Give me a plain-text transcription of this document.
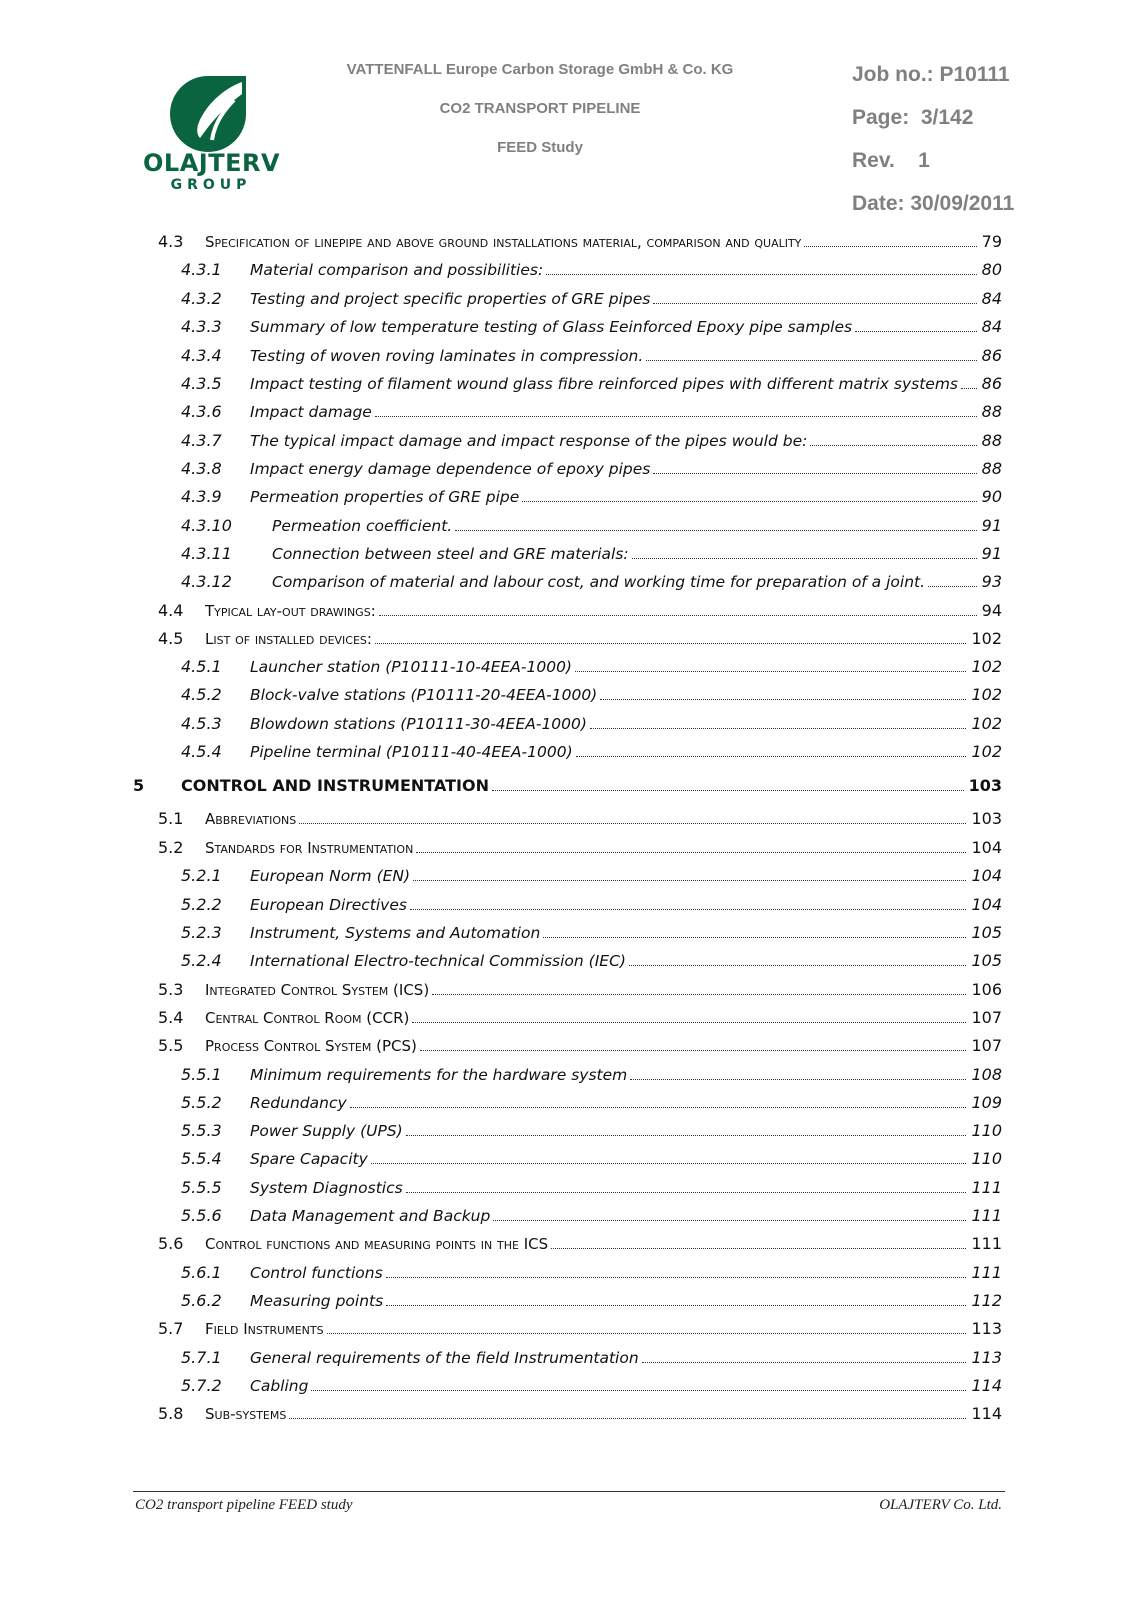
OLAJTERV
GROUP
VATTENFALL Europe Carbon Storage GmbH & Co. KG
CO2 TRANSPORT PIPELINE
FEED Study
Job no.: P10111
Page:  3/142
Rev.    1
Date: 30/09/2011
4.3 Specification of linepipe and above ground installations material, comparison and quality	79
4.3.1 Material comparison and possibilities:	80
4.3.2 Testing and project specific properties of GRE pipes	84
4.3.3 Summary of low temperature testing of Glass Eeinforced Epoxy pipe samples	84
4.3.4 Testing of woven roving laminates in compression.	86
4.3.5 Impact testing of filament wound glass fibre reinforced pipes with different matrix systems 86
4.3.6 Impact damage	88
4.3.7 The typical impact damage and impact response of the pipes would be:	88
4.3.8 Impact energy damage dependence of epoxy pipes	88
4.3.9 Permeation properties of GRE pipe	90
4.3.10	Permeation coefficient.	91
4.3.11	Connection between steel and GRE materials:	91
4.3.12	Comparison of material and labour cost, and working time for preparation of a joint.	93
4.4 Typical lay-out drawings:	94
4.5 List of installed devices:	102
4.5.1 Launcher station (P10111-10-4EEA-1000)	102
4.5.2 Block-valve stations (P10111-20-4EEA-1000)	102
4.5.3 Blowdown stations (P10111-30-4EEA-1000)	102
4.5.4 Pipeline terminal (P10111-40-4EEA-1000)	102
5 CONTROL AND INSTRUMENTATION	103
5.1 Abbreviations	103
5.2 Standards for Instrumentation	104
5.2.1 European Norm (EN)	104
5.2.2 European Directives	104
5.2.3 Instrument, Systems and Automation	105
5.2.4 International Electro-technical Commission (IEC)	105
5.3 Integrated Control System (ICS)	106
5.4 Central Control Room (CCR)	107
5.5 Process Control System (PCS)	107
5.5.1 Minimum requirements for the hardware system	108
5.5.2 Redundancy	109
5.5.3 Power Supply (UPS)	110
5.5.4 Spare Capacity	110
5.5.5 System Diagnostics	111
5.5.6 Data Management and Backup	111
5.6 Control functions and measuring points in the ICS	111
5.6.1 Control functions	111
5.6.2 Measuring points	112
5.7 Field Instruments	113
5.7.1 General requirements of the field Instrumentation	113
5.7.2 Cabling	114
5.8 Sub-systems	114
CO2 transport pipeline FEED study	OLAJTERV Co. Ltd.
